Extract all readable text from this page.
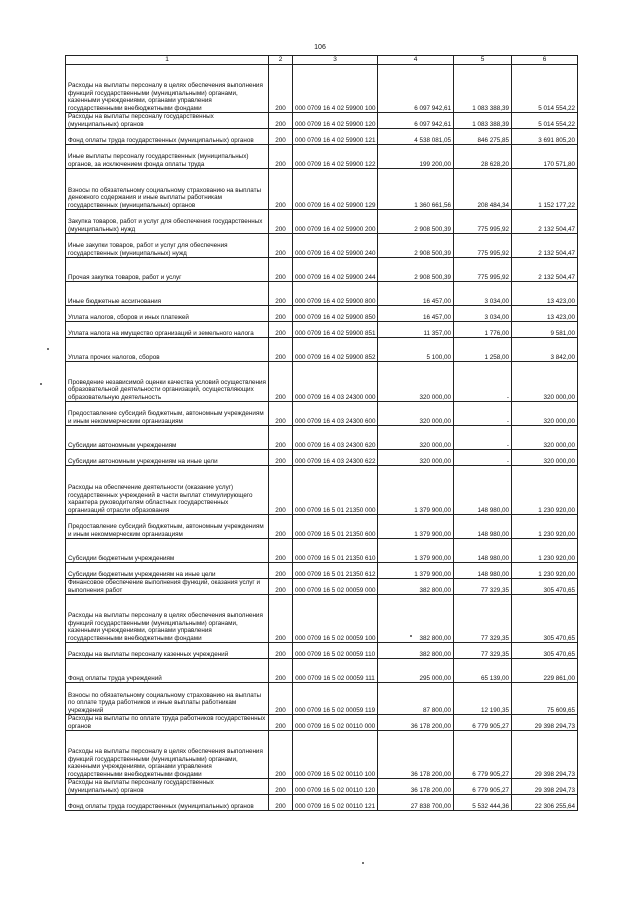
106
1	2	3	4	5	6
Расходы на выплаты персоналу в целях обеспечения выполнения функций государственными (муниципальными) органами, казенными учреждениями, органами управления государственными внебюджетными фондами	200	000 0709 16 4 02 59900 100	6 097 942,61	1 083 388,39	5 014 554,22
Расходы на выплаты персоналу государственных (муниципальных) органов	200	000 0709 16 4 02 59900 120	6 097 942,61	1 083 388,39	5 014 554,22
Фонд оплаты труда государственных (муниципальных) органов	200	000 0709 16 4 02 59900 121	4 538 081,05	846 275,85	3 691 805,20
Иные выплаты персоналу государственных (муниципальных) органов, за исключением фонда оплаты труда	200	000 0709 16 4 02 59900 122	199 200,00	28 628,20	170 571,80
Взносы по обязательному социальному страхованию на выплаты денежного содержания и иные выплаты работникам государственных (муниципальных) органов	200	000 0709 16 4 02 59900 129	1 360 661,56	208 484,34	1 152 177,22
Закупка товаров, работ и услуг для обеспечения государственных (муниципальных) нужд	200	000 0709 16 4 02 59900 200	2 908 500,39	775 995,92	2 132 504,47
Иные закупки товаров, работ и услуг для обеспечения государственных (муниципальных) нужд	200	000 0709 16 4 02 59900 240	2 908 500,39	775 995,92	2 132 504,47
Прочая закупка товаров, работ и услуг	200	000 0709 16 4 02 59900 244	2 908 500,39	775 995,92	2 132 504,47
Иные бюджетные ассигнования	200	000 0709 16 4 02 59900 800	16 457,00	3 034,00	13 423,00
Уплата налогов, сборов и иных платежей	200	000 0709 16 4 02 59900 850	16 457,00	3 034,00	13 423,00
Уплата налога на имущество организаций и земельного налога	200	000 0709 16 4 02 59900 851	11 357,00	1 776,00	9 581,00
Уплата прочих налогов, сборов	200	000 0709 16 4 02 59900 852	5 100,00	1 258,00	3 842,00
Проведение независимой оценки качества условий осуществления образовательной деятельности организаций, осуществляющих образовательную деятельность	200	000 0709 16 4 03 24300 000	320 000,00	-	320 000,00
Предоставление субсидий бюджетным, автономным учреждениям и иным некоммерческим организациям	200	000 0709 16 4 03 24300 600	320 000,00	-	320 000,00
Субсидии автономным учреждениям	200	000 0709 16 4 03 24300 620	320 000,00	-	320 000,00
Субсидии автономным учреждениям на иные цели	200	000 0709 16 4 03 24300 622	320 000,00	-	320 000,00
Расходы на обеспечение деятельности (оказание услуг) государственных учреждений в части выплат стимулирующего характера руководителям областных государственных организаций отрасли образования	200	000 0709 16 5 01 21350 000	1 379 900,00	148 980,00	1 230 920,00
Предоставление субсидий бюджетным, автономным учреждениям и иным некоммерческим организациям	200	000 0709 16 5 01 21350 600	1 379 900,00	148 980,00	1 230 920,00
Субсидии бюджетным учреждениям	200	000 0709 16 5 01 21350 610	1 379 900,00	148 980,00	1 230 920,00
Субсидии бюджетным учреждениям на иные цели	200	000 0709 16 5 01 21350 612	1 379 900,00	148 980,00	1 230 920,00
Финансовое обеспечение выполнения функций, оказания услуг и выполнения работ	200	000 0709 16 5 02 00059 000	382 800,00	77 329,35	305 470,65
Расходы на выплаты персоналу в целях обеспечения выполнения функций государственными (муниципальными) органами, казенными учреждениями, органами управления государственными внебюджетными фондами	200	000 0709 16 5 02 00059 100	382 800,00	77 329,35	305 470,65
Расходы на выплаты персоналу казенных учреждений	200	000 0709 16 5 02 00059 110	382 800,00	77 329,35	305 470,65
Фонд оплаты труда учреждений	200	000 0709 16 5 02 00059 111	295 000,00	65 139,00	229 861,00
Взносы по обязательному социальному страхованию на выплаты по оплате труда работников и иные выплаты работникам учреждений	200	000 0709 16 5 02 00059 119	87 800,00	12 190,35	75 609,65
Расходы на выплаты по оплате труда работников государственных органов	200	000 0709 16 5 02 00110 000	36 178 200,00	6 779 905,27	29 398 294,73
Расходы на выплаты персоналу в целях обеспечения выполнения функций государственными (муниципальными) органами, казенными учреждениями, органами управления государственными внебюджетными фондами	200	000 0709 16 5 02 00110 100	36 178 200,00	6 779 905,27	29 398 294,73
Расходы на выплаты персоналу государственных (муниципальных) органов	200	000 0709 16 5 02 00110 120	36 178 200,00	6 779 905,27	29 398 294,73
Фонд оплаты труда государственных (муниципальных) органов	200	000 0709 16 5 02 00110 121	27 838 700,00	5 532 444,36	22 306 255,64
